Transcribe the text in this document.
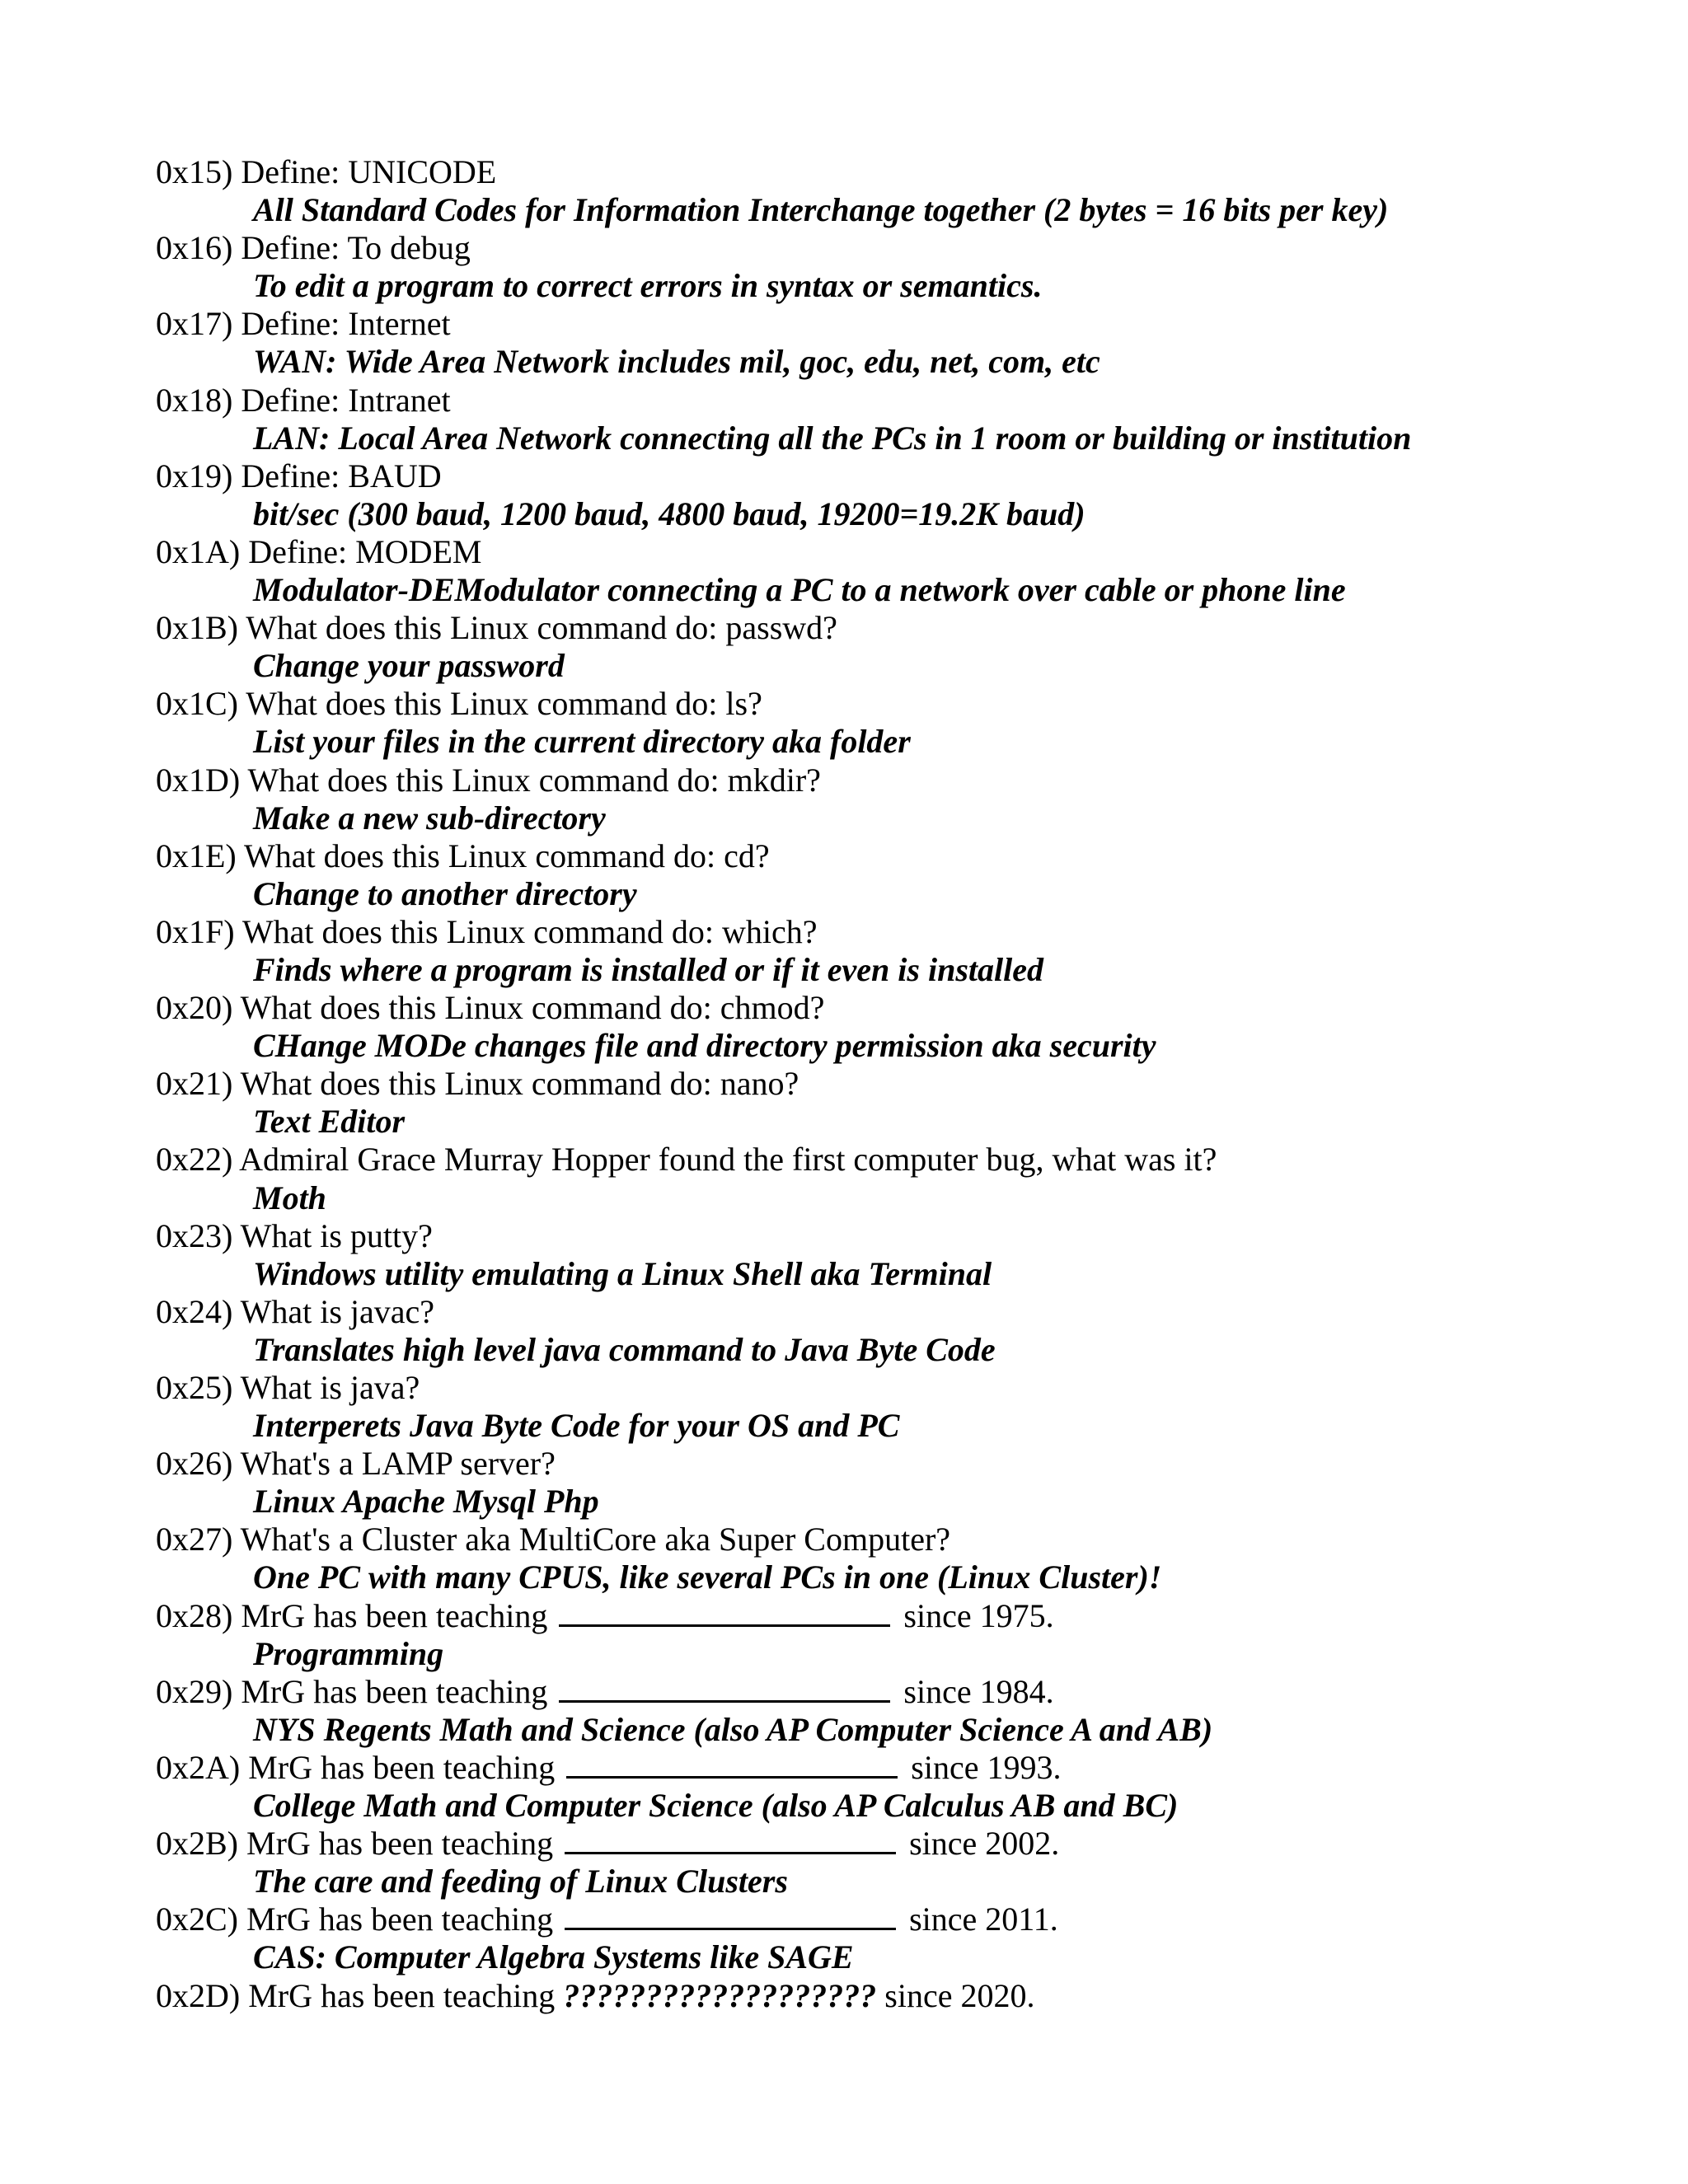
0x15) Define: UNICODE
All Standard Codes for Information Interchange together (2 bytes = 16 bits per key)
0x16) Define: To debug
To edit a program to correct errors in syntax or semantics.
0x17) Define: Internet
WAN: Wide Area Network includes mil, goc, edu, net, com, etc
0x18) Define: Intranet
LAN: Local Area Network connecting all the PCs in 1 room or building or institution
0x19) Define: BAUD
bit/sec (300 baud, 1200 baud, 4800 baud, 19200=19.2K baud)
0x1A) Define: MODEM
Modulator-DEModulator connecting a PC to a network over cable or phone line
0x1B) What does this Linux command do: passwd?
Change your password
0x1C) What does this Linux command do: ls?
List your files in the current directory aka folder
0x1D) What does this Linux command do: mkdir?
Make a new sub-directory
0x1E) What does this Linux command do: cd?
Change to another directory
0x1F) What does this Linux command do: which?
Finds where a program is installed or if it even is installed
0x20) What does this Linux command do: chmod?
CHange MODe changes file and directory permission aka security
0x21) What does this Linux command do: nano?
Text Editor
0x22) Admiral Grace Murray Hopper found the first computer bug, what was it?
Moth
0x23) What is putty?
Windows utility emulating a Linux Shell aka Terminal
0x24) What is javac?
Translates high level java command to Java Byte Code
0x25) What is java?
Interperets Java Byte Code for your OS and PC
0x26) What's a LAMP server?
Linux Apache Mysql Php
0x27) What's a Cluster aka MultiCore aka Super Computer?
One PC with many CPUS, like several PCs in one (Linux Cluster)!
0x28) MrG has been teaching	since 1975.
Programming
0x29) MrG has been teaching	since 1984.
NYS Regents Math and Science (also AP Computer Science A and AB)
0x2A) MrG has been teaching	since 1993.
College Math and Computer Science (also AP Calculus AB and BC)
0x2B) MrG has been teaching	since 2002.
The care and feeding of Linux Clusters
0x2C) MrG has been teaching	since 2011.
CAS: Computer Algebra Systems like SAGE
0x2D) MrG has been teaching ??????????????????? since 2020.
